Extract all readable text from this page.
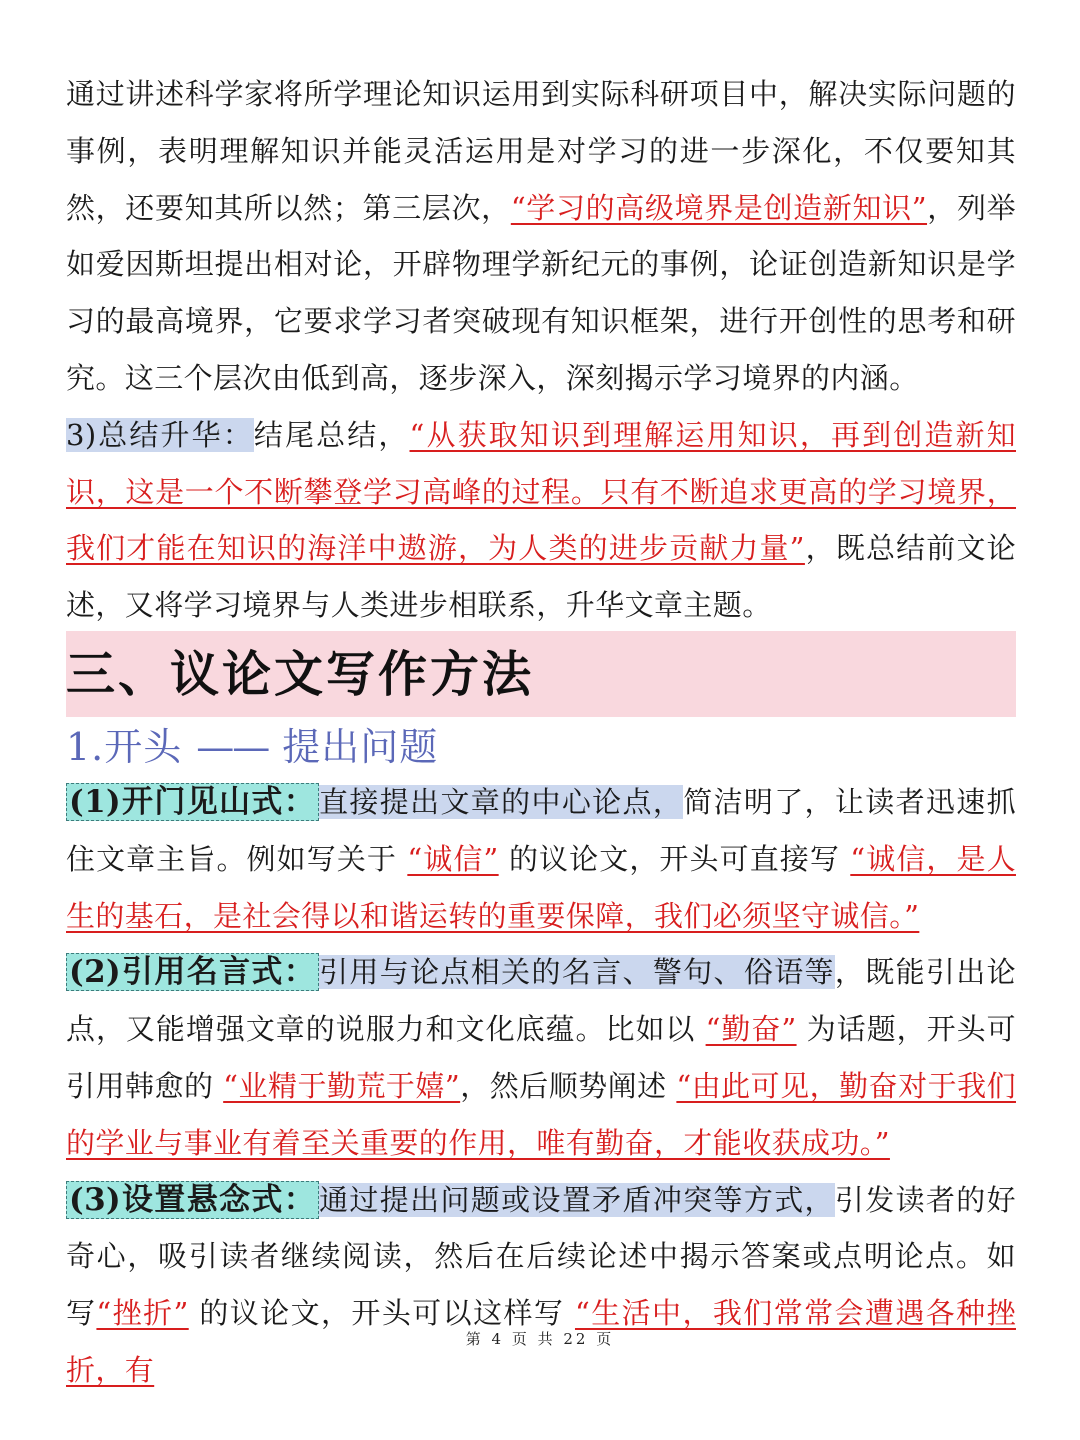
通过讲述科学家将所学理论知识运用到实际科研项目中，解决实际问题的事例，表明理解知识并能灵活运用是对学习的进一步深化，不仅要知其然，还要知其所以然；第三层次，“学习的高级境界是创造新知识”，列举如爱因斯坦提出相对论，开辟物理学新纪元的事例，论证创造新知识是学习的最高境界，它要求学习者突破现有知识框架，进行开创性的思考和研究。这三个层次由低到高，逐步深入，深刻揭示学习境界的内涵。

3)总结升华：结尾总结，“从获取知识到理解运用知识，再到创造新知识，这是一个不断攀登学习高峰的过程。只有不断追求更高的学习境界，我们才能在知识的海洋中遨游，为人类的进步贡献力量”，既总结前文论述，又将学习境界与人类进步相联系，升华文章主题。

三、议论文写作方法
1.开头 —— 提出问题

(1)开门见山式： 直接提出文章的中心论点，简洁明了，让读者迅速抓住文章主旨。例如写关于 “诚信” 的议论文，开头可直接写 “诚信，是人生的基石，是社会得以和谐运转的重要保障，我们必须坚守诚信。”

(2)引用名言式： 引用与论点相关的名言、警句、俗语等，既能引出论点，又能增强文章的说服力和文化底蕴。比如以 “勤奋” 为话题，开头可引用韩愈的 “业精于勤荒于嬉”，然后顺势阐述 “由此可见，勤奋对于我们的学业与事业有着至关重要的作用，唯有勤奋，才能收获成功。”

(3)设置悬念式： 通过提出问题或设置矛盾冲突等方式，引发读者的好奇心，吸引读者继续阅读，然后在后续论述中揭示答案或点明论点。如写“挫折” 的议论文，开头可以这样写 “生活中，我们常常会遭遇各种挫折，有

第 4 页 共 22 页
